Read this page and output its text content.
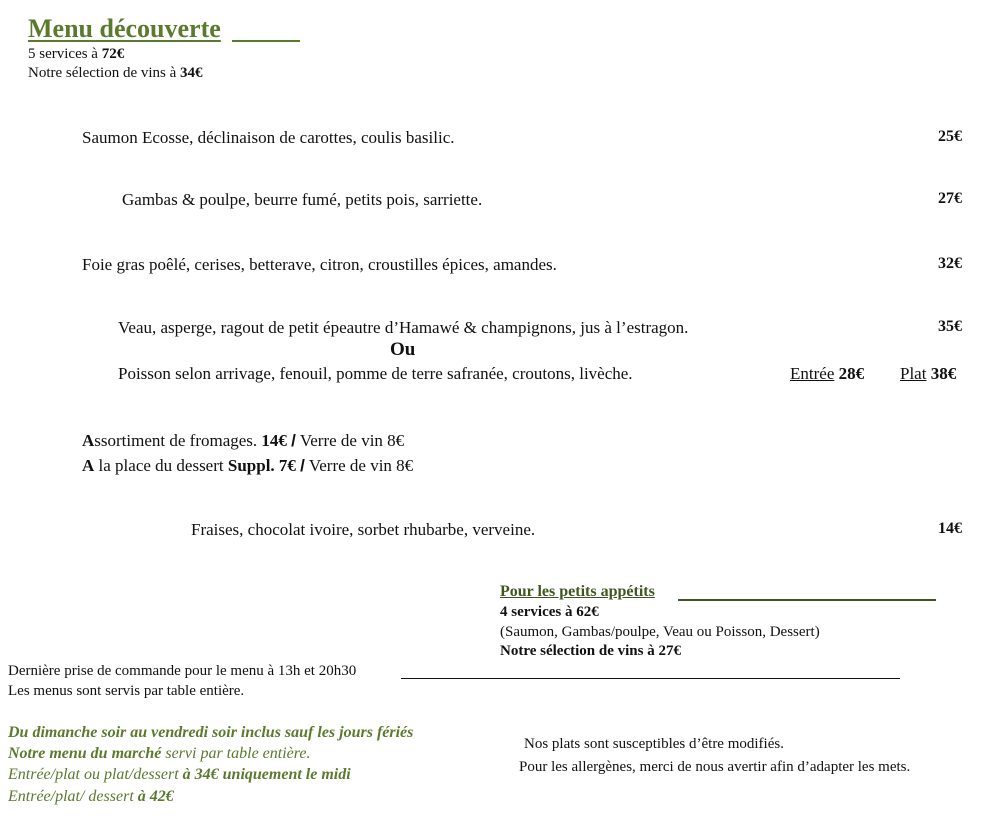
Menu découverte
5 services à 72€
Notre sélection de vins à 34€
Saumon Ecosse, déclinaison de carottes, coulis basilic.	25€
Gambas & poulpe, beurre fumé, petits pois, sarriette.	27€
Foie gras poêlé, cerises, betterave, citron, croustilles épices, amandes.	32€
Veau, asperge, ragout de petit épeautre d’Hamawé & champignons, jus à l’estragon.	35€
Ou
Poisson selon arrivage, fenouil, pomme de terre safranée, croutons, livèche.	Entrée 28€ Plat 38€
Assortiment de fromages. 14€ / Verre de vin 8€
A la place du dessert Suppl. 7€ / Verre de vin 8€
Fraises, chocolat ivoire, sorbet rhubarbe, verveine.	14€
Pour les petits appétits
4 services à 62€
(Saumon, Gambas/poulpe, Veau ou Poisson, Dessert)
Notre sélection de vins à 27€
Dernière prise de commande pour le menu à 13h et 20h30
Les menus sont servis par table entière.
Du dimanche soir au vendredi soir inclus sauf les jours fériés
Notre menu du marché servi par table entière.
Entrée/plat ou plat/dessert à 34€ uniquement le midi
Entrée/plat/ dessert à 42€
Nos plats sont susceptibles d’être modifiés.
Pour les allergènes, merci de nous avertir afin d’adapter les mets.
